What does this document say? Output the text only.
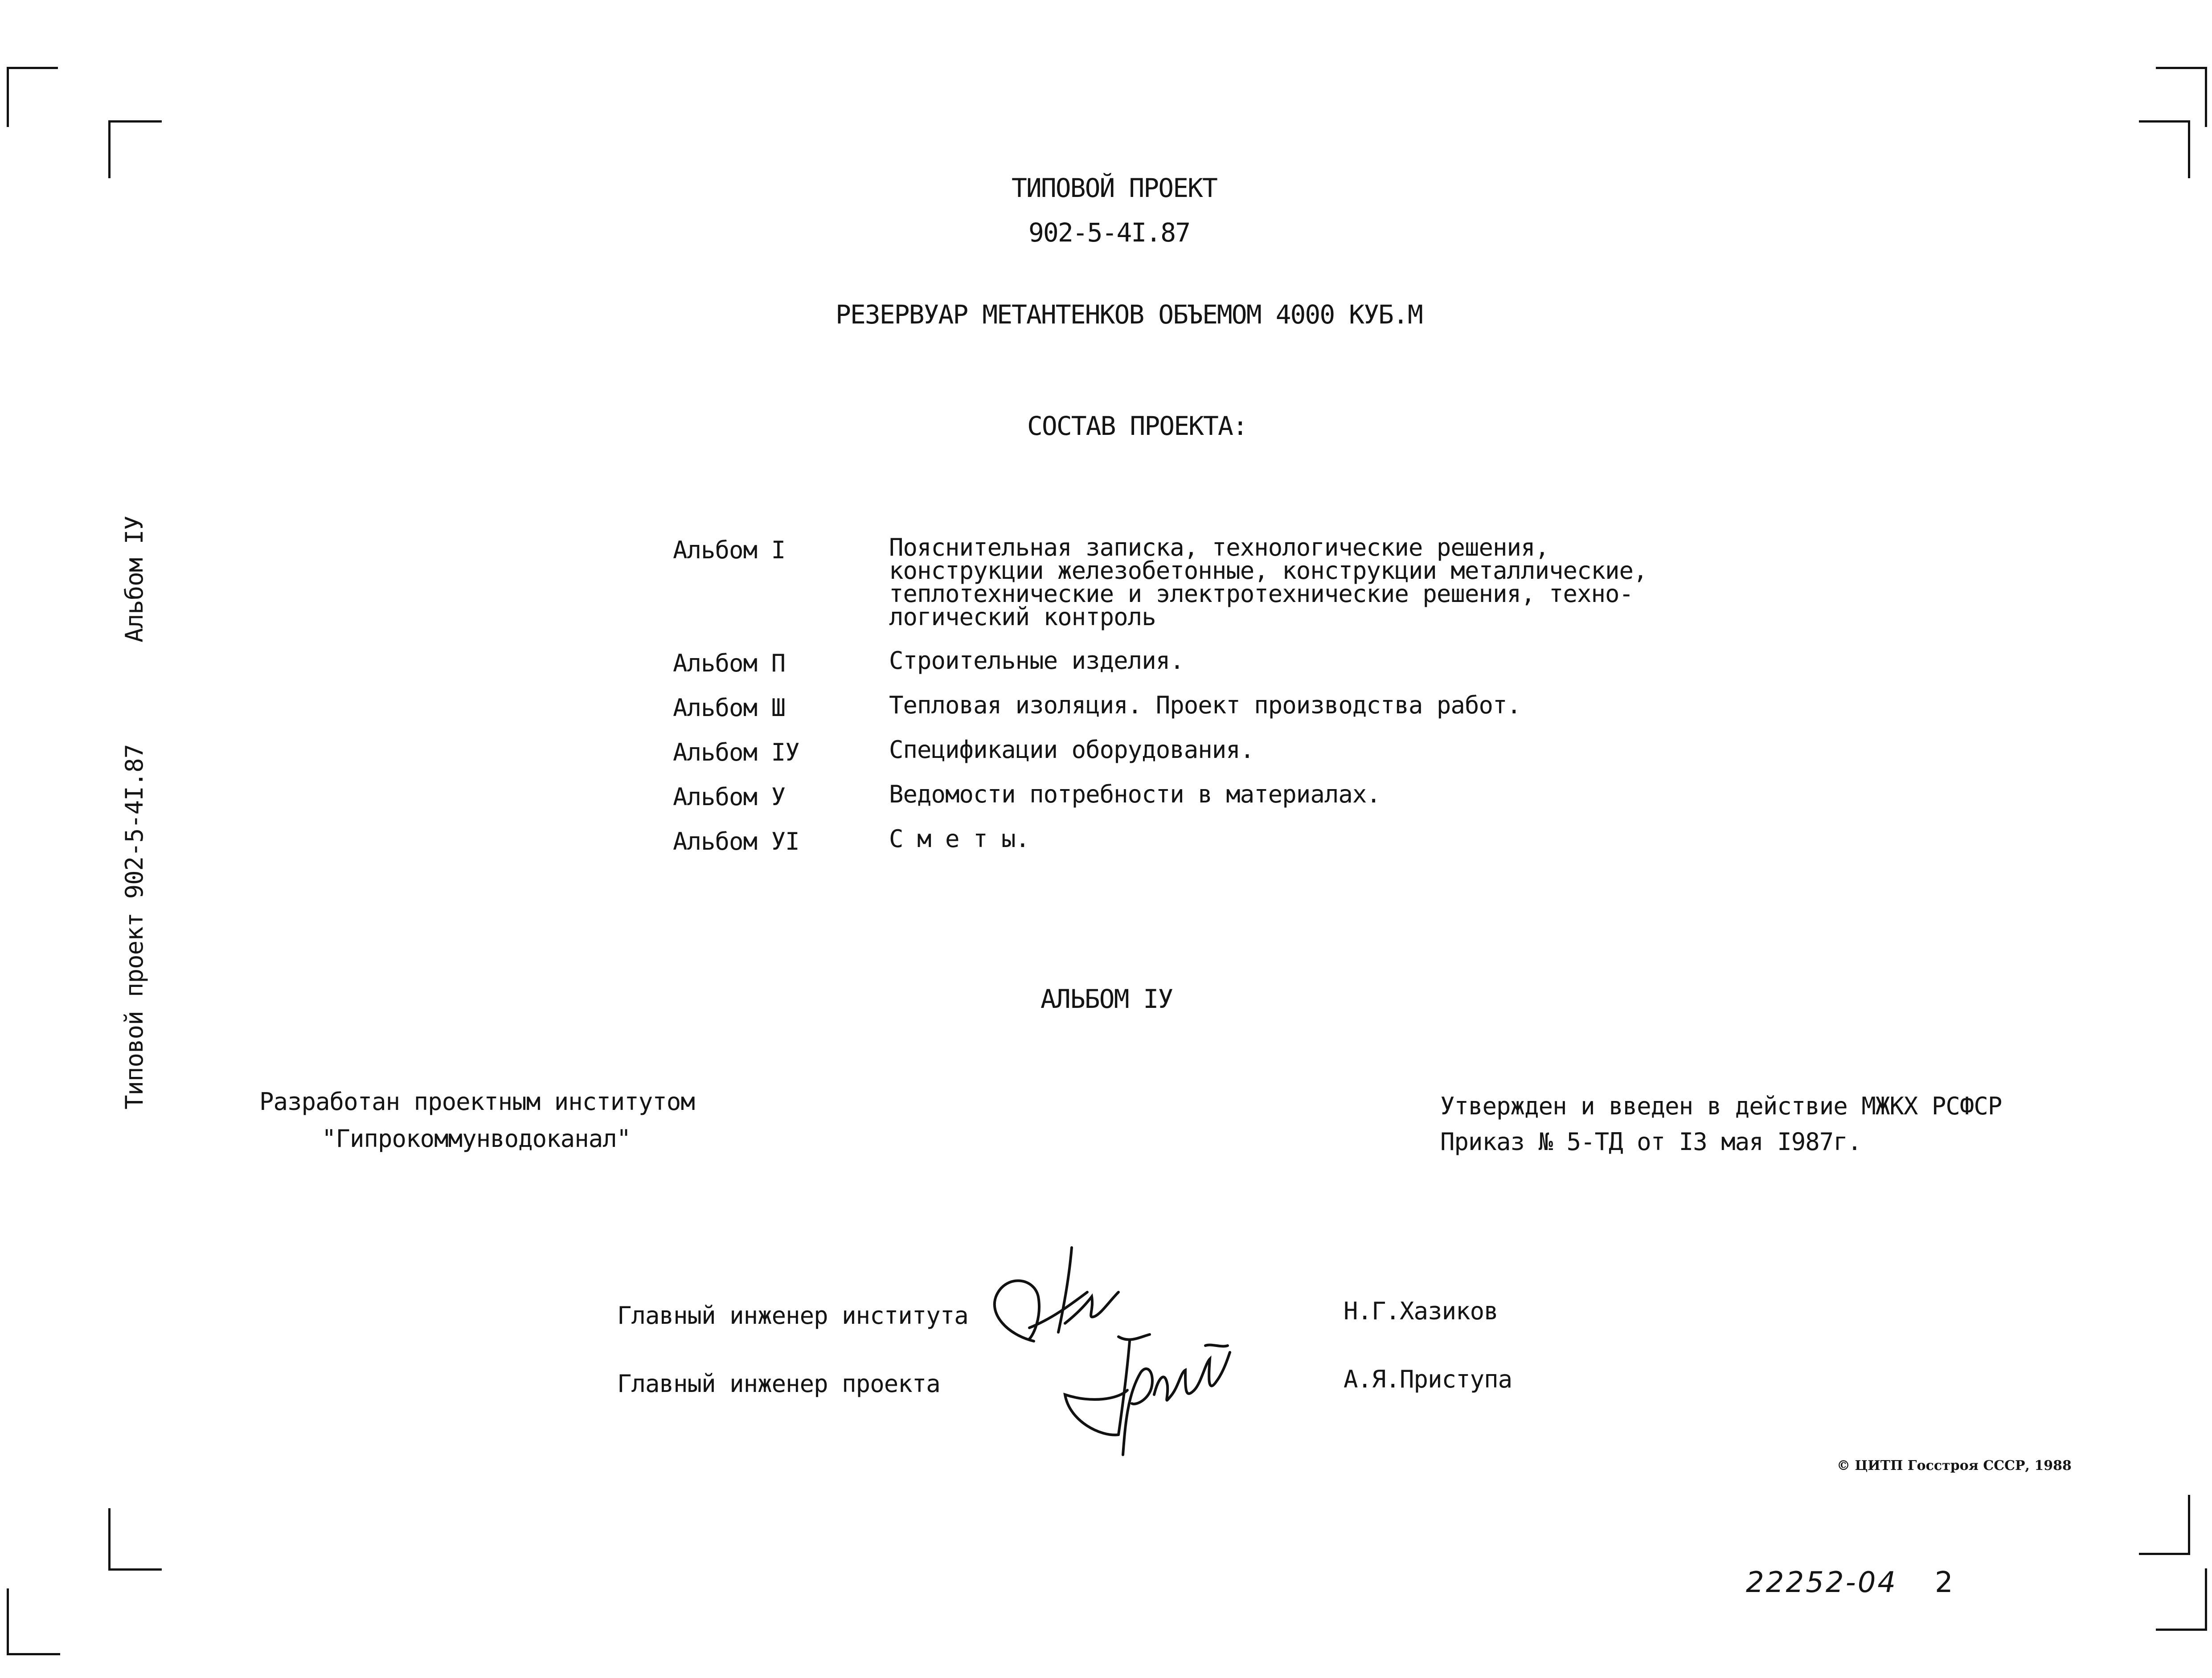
Альбом IУ
Типовой проект 902-5-4I.87
ТИПОВОЙ ПРОЕКТ
902-5-4I.87
РЕЗЕРВУАР МЕТАНТЕНКОВ ОБЪЕМОМ 4000 КУБ.М
СОСТАВ ПРОЕКТА:
Альбом I	Пояснительная записка, технологические решения,
конструкции железобетонные, конструкции металлические,
теплотехнические и электротехнические решения, техно-
логический контроль
Альбом П	Строительные изделия.
Альбом Ш	Тепловая изоляция. Проект производства работ.
Альбом IУ	Спецификации оборудования.
Альбом У	Ведомости потребности в материалах.
Альбом УI	С м е т ы.
АЛЬБОМ IУ
Разработан проектным институтом
"Гипрокоммунводоканал"
Утвержден и введен в действие МЖКХ РСФСР
Приказ № 5-ТД от I3 мая I987г.
Главный инженер института	Н.Г.Хазиков
Главный инженер проекта	А.Я.Приступа
© ЦИТП Госстроя СССР, 1988
22252-04 2
